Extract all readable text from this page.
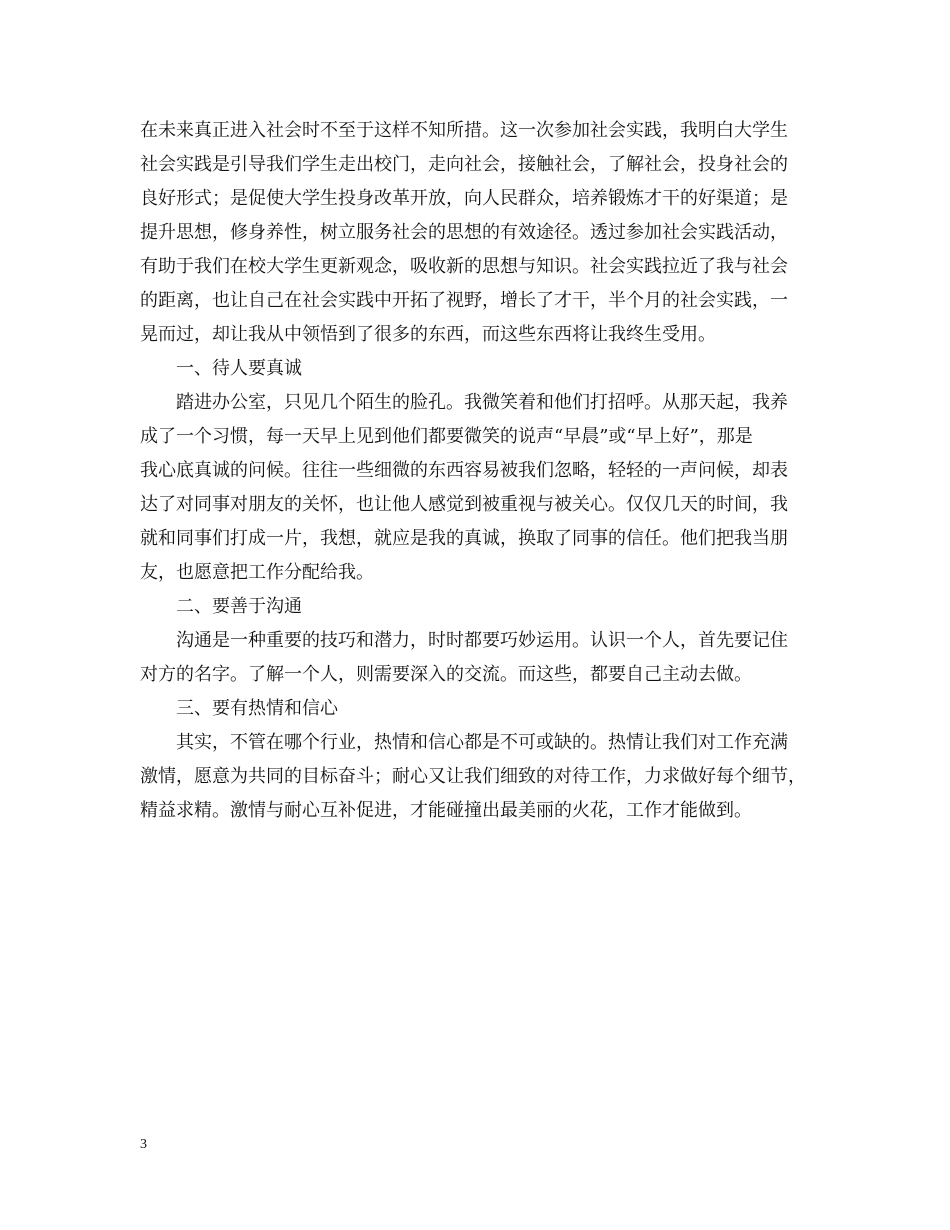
在未来真正进入社会时不至于这样不知所措。这一次参加社会实践，我明白大学生
社会实践是引导我们学生走出校门，走向社会，接触社会，了解社会，投身社会的
良好形式；是促使大学生投身改革开放，向人民群众，培养锻炼才干的好渠道；是
提升思想，修身养性，树立服务社会的思想的有效途径。透过参加社会实践活动，
有助于我们在校大学生更新观念，吸收新的思想与知识。社会实践拉近了我与社会
的距离，也让自己在社会实践中开拓了视野，增长了才干，半个月的社会实践，一
晃而过，却让我从中领悟到了很多的东西，而这些东西将让我终生受用。
一、待人要真诚
踏进办公室，只见几个陌生的脸孔。我微笑着和他们打招呼。从那天起，我养
成了一个习惯，每一天早上见到他们都要微笑的说声“早晨”或“早上好”，那是
我心底真诚的问候。往往一些细微的东西容易被我们忽略，轻轻的一声问候，却表
达了对同事对朋友的关怀，也让他人感觉到被重视与被关心。仅仅几天的时间，我
就和同事们打成一片，我想，就应是我的真诚，换取了同事的信任。他们把我当朋
友，也愿意把工作分配给我。
二、要善于沟通
沟通是一种重要的技巧和潜力，时时都要巧妙运用。认识一个人，首先要记住
对方的名字。了解一个人，则需要深入的交流。而这些，都要自己主动去做。
三、要有热情和信心
其实，不管在哪个行业，热情和信心都是不可或缺的。热情让我们对工作充满
激情，愿意为共同的目标奋斗；耐心又让我们细致的对待工作，力求做好每个细节，
精益求精。激情与耐心互补促进，才能碰撞出最美丽的火花，工作才能做到。
3
